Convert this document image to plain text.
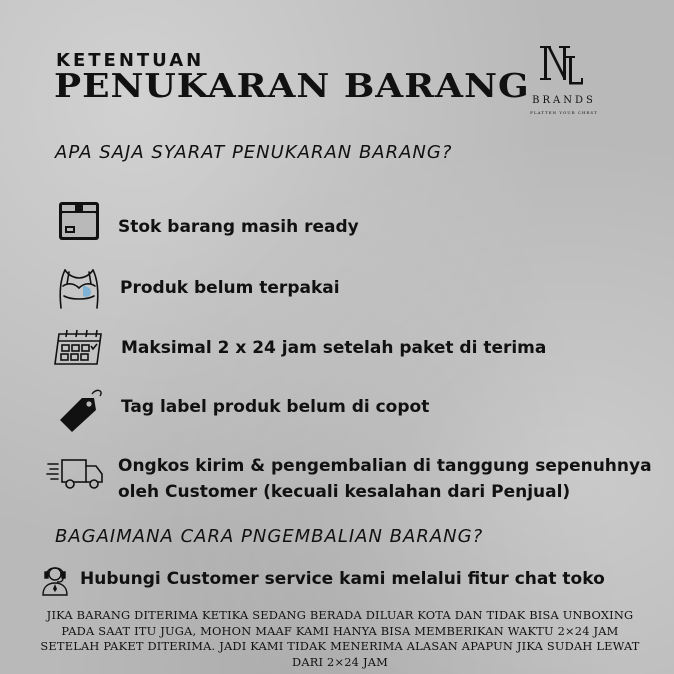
KETENTUAN
PENUKARAN BARANG BRANDS
FLATTEN YOUR CHEST
APA SAJA SYARAT PENUKARAN BARANG?
Stok barang masih ready
Produk belum terpakai
Maksimal 2 x 24 jam setelah paket di terima
Tag label produk belum di copot
Ongkos kirim & pengembalian di tanggung sepenuhnya
oleh Customer (kecuali kesalahan dari Penjual)
BAGAIMANA CARA PNGEMBALIAN BARANG?
Hubungi Customer service kami melalui fitur chat toko
JIKA BARANG DITERIMA KETIKA SEDANG BERADA DILUAR KOTA DAN TIDAK BISA UNBOXING PADA SAAT ITU JUGA, MOHON MAAF KAMI HANYA BISA MEMBERIKAN WAKTU 2×24 JAM SETELAH PAKET DITERIMA. JADI KAMI TIDAK MENERIMA ALASAN APAPUN JIKA SUDAH LEWAT DARI 2×24 JAM
